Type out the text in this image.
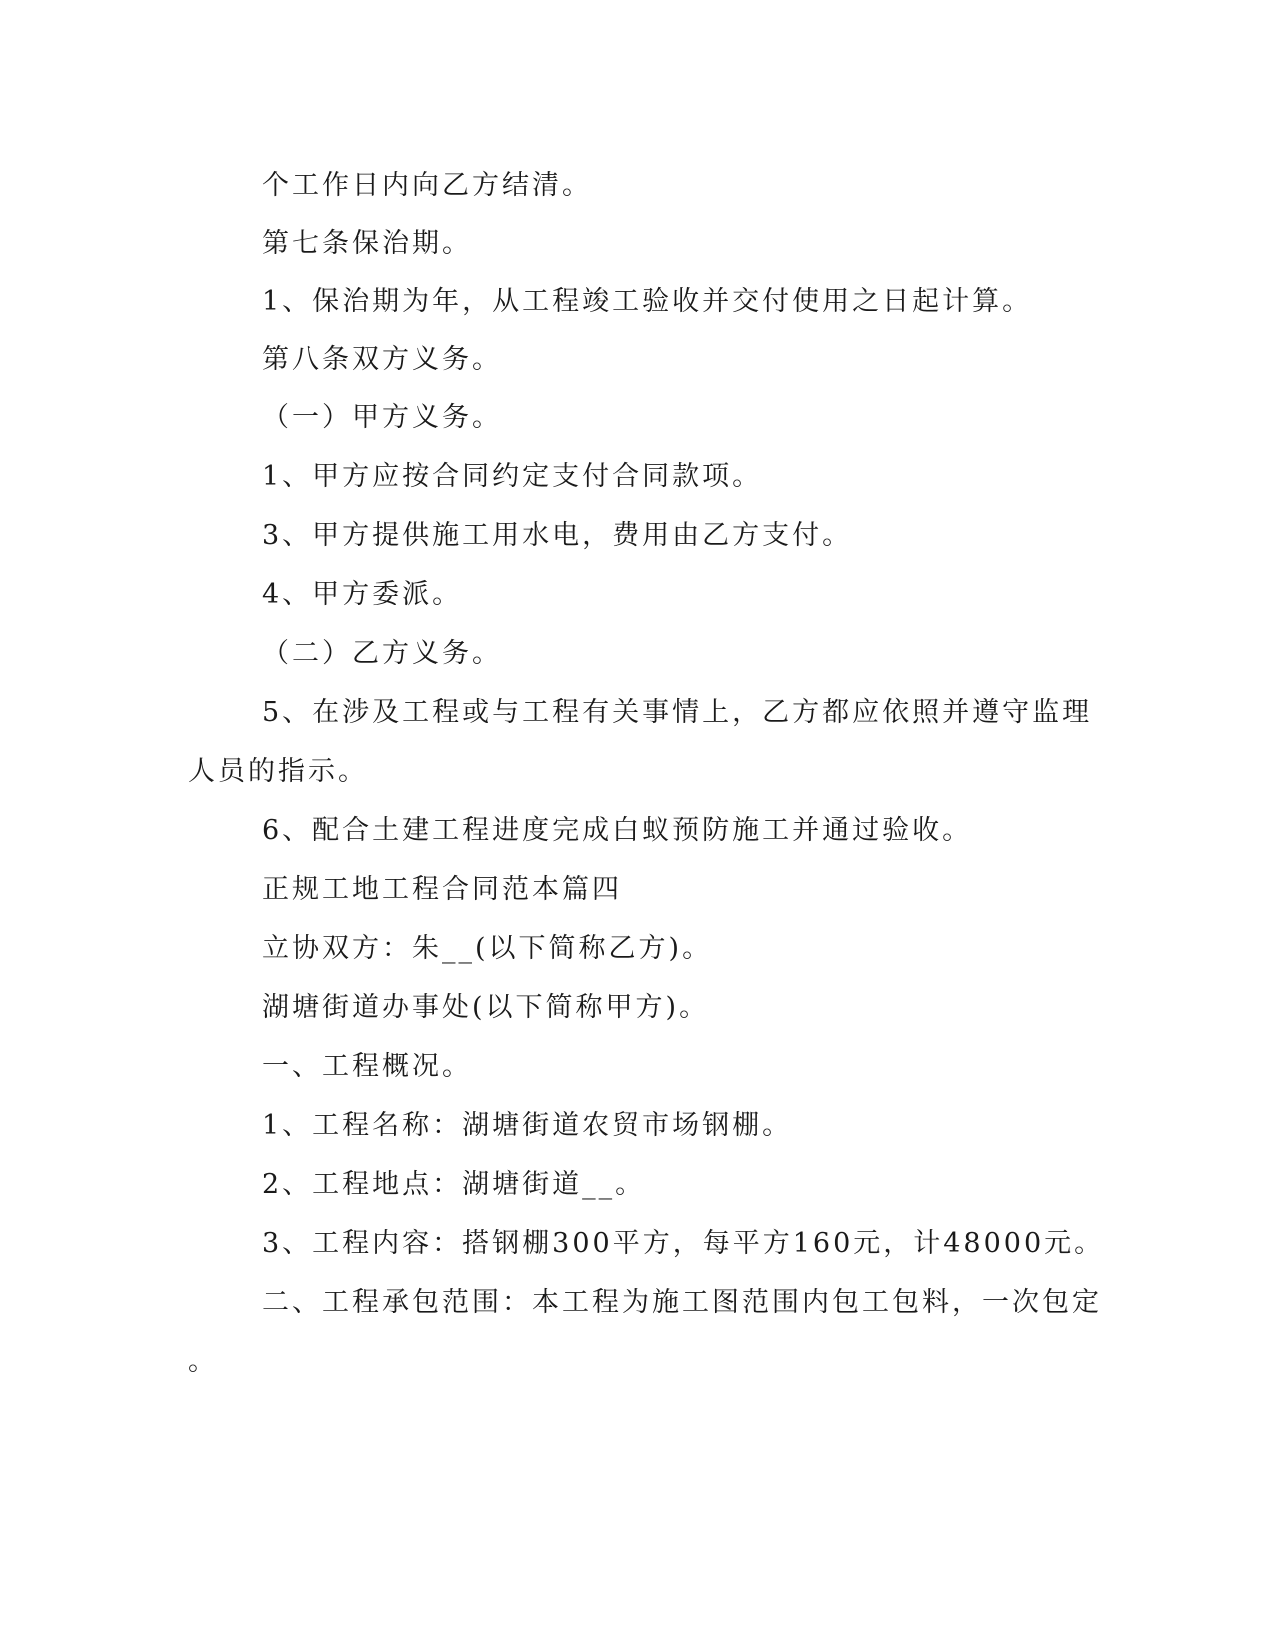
个工作日内向乙方结清。
第七条保治期。
1、保治期为年，从工程竣工验收并交付使用之日起计算。
第八条双方义务。
（一）甲方义务。
1、甲方应按合同约定支付合同款项。
3、甲方提供施工用水电，费用由乙方支付。
4、甲方委派。
（二）乙方义务。
5、在涉及工程或与工程有关事情上，乙方都应依照并遵守监理
人员的指示。
6、配合土建工程进度完成白蚁预防施工并通过验收。
正规工地工程合同范本篇四
立协双方：朱__(以下简称乙方)。
湖塘街道办事处(以下简称甲方)。
一、工程概况。
1、工程名称：湖塘街道农贸市场钢棚。
2、工程地点：湖塘街道__。
3、工程内容：搭钢棚300平方，每平方160元，计48000元。
二、工程承包范围：本工程为施工图范围内包工包料，一次包定
。
